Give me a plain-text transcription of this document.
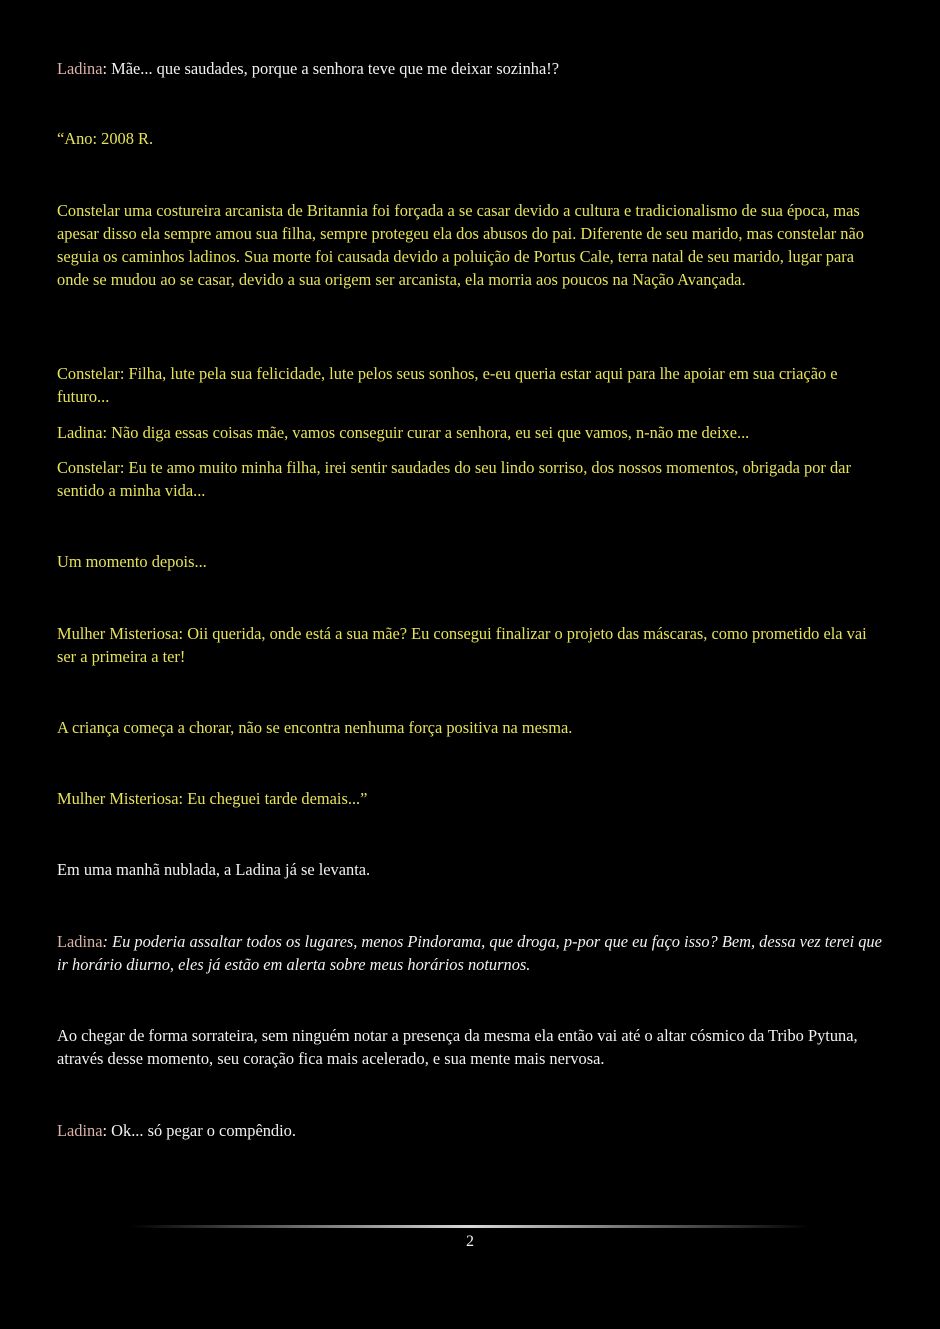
Ladina: Mãe... que saudades, porque a senhora teve que me deixar sozinha!?

“Ano: 2008 R.

Constelar uma costureira arcanista de Britannia foi forçada a se casar devido a cultura e tradicionalismo de sua época, mas apesar disso ela sempre amou sua filha, sempre protegeu ela dos abusos do pai. Diferente de seu marido, mas constelar não seguia os caminhos ladinos. Sua morte foi causada devido a poluição de Portus Cale, terra natal de seu marido, lugar para onde se mudou ao se casar, devido a sua origem ser arcanista, ela morria aos poucos na Nação Avançada.

Constelar: Filha, lute pela sua felicidade, lute pelos seus sonhos, e-eu queria estar aqui para lhe apoiar em sua criação e futuro...

Ladina: Não diga essas coisas mãe, vamos conseguir curar a senhora, eu sei que vamos, n-não me deixe...

Constelar: Eu te amo muito minha filha, irei sentir saudades do seu lindo sorriso, dos nossos momentos, obrigada por dar sentido a minha vida...

Um momento depois...

Mulher Misteriosa: Oii querida, onde está a sua mãe? Eu consegui finalizar o projeto das máscaras, como prometido ela vai ser a primeira a ter!

A criança começa a chorar, não se encontra nenhuma força positiva na mesma.

Mulher Misteriosa: Eu cheguei tarde demais...”

Em uma manhã nublada, a Ladina já se levanta.

Ladina: Eu poderia assaltar todos os lugares, menos Pindorama, que droga, p-por que eu faço isso? Bem, dessa vez terei que ir horário diurno, eles já estão em alerta sobre meus horários noturnos.

Ao chegar de forma sorrateira, sem ninguém notar a presença da mesma ela então vai até o altar cósmico da Tribo Pytuna, através desse momento, seu coração fica mais acelerado, e sua mente mais nervosa.

Ladina: Ok... só pegar o compêndio.

2
